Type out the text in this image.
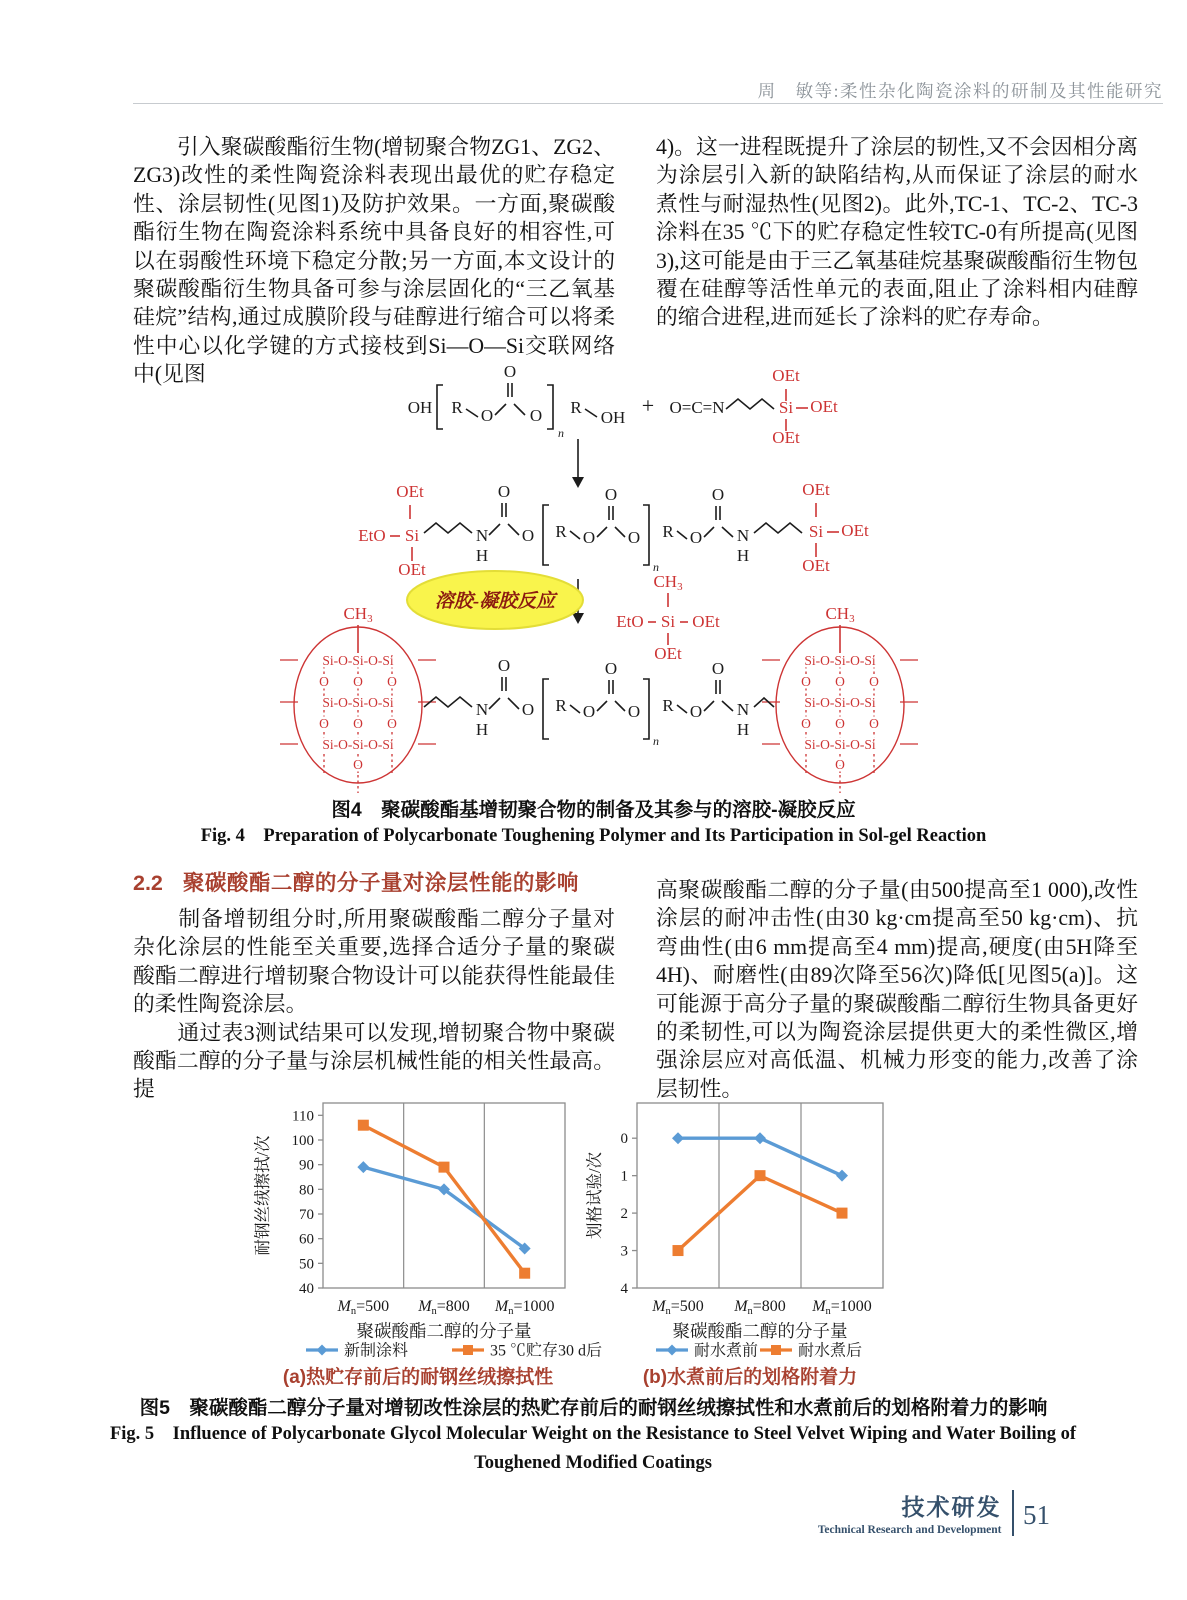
周　敏等:柔性杂化陶瓷涂料的研制及其性能研究
　　引入聚碳酸酯衍生物(增韧聚合物ZG1、ZG2、ZG3)改性的柔性陶瓷涂料表现出最优的贮存稳定性、涂层韧性(见图1)及防护效果。一方面,聚碳酸酯衍生物在陶瓷涂料系统中具备良好的相容性,可以在弱酸性环境下稳定分散;另一方面,本文设计的聚碳酸酯衍生物具备可参与涂层固化的“三乙氧基硅烷”结构,通过成膜阶段与硅醇进行缩合可以将柔性中心以化学键的方式接枝到Si—O—Si交联网络中(见图
4)。这一进程既提升了涂层的韧性,又不会因相分离为涂层引入新的缺陷结构,从而保证了涂层的耐水煮性与耐湿热性(见图2)。此外,TC-1、TC-2、TC-3涂料在35 ℃下的贮存稳定性较TC-0有所提高(见图3),这可能是由于三乙氧基硅烷基聚碳酸酯衍生物包覆在硅醇等活性单元的表面,阻止了涂料相内硅醇的缩合进程,进而延长了涂料的贮存寿命。
OH R O
O
O
n
R
OH + O=C=N	Si
OEt
OEt
OEt
OEt
EtO Si
OEt
N
H
O
O R O
O
O
n
R O
O
N
H
Si
OEt
OEt
OEt
溶胶-凝胶反应
CH3
EtO Si OEt
OEt
CH3
Si-O-Si-O-Si
Si-O-Si-O-Si
Si-O-Si-O-Si
O O O
O O O
O
CH3
Si-O-Si-O-Si
Si-O-Si-O-Si
Si-O-Si-O-Si
O O O
O O O
O
N
H
O
O R O
O
O
n
R O
O
N
H
图4　聚碳酸酯基增韧聚合物的制备及其参与的溶胶-凝胶反应
Fig. 4　Preparation of Polycarbonate Toughening Polymer and Its Participation in Sol-gel Reaction
2.2 聚碳酸酯二醇的分子量对涂层性能的影响
　　制备增韧组分时,所用聚碳酸酯二醇分子量对杂化涂层的性能至关重要,选择合适分子量的聚碳酸酯二醇进行增韧聚合物设计可以能获得性能最佳的柔性陶瓷涂层。
　　通过表3测试结果可以发现,增韧聚合物中聚碳酸酯二醇的分子量与涂层机械性能的相关性最高。提
高聚碳酸酯二醇的分子量(由500提高至1 000),改性涂层的耐冲击性(由30 kg·cm提高至50 kg·cm)、抗弯曲性(由6 mm提高至4 mm)提高,硬度(由5H降至4H)、耐磨性(由89次降至56次)降低[见图5(a)]。这可能源于高分子量的聚碳酸酯二醇衍生物具备更好的柔韧性,可以为陶瓷涂层提供更大的柔性微区,增强涂层应对高低温、机械力形变的能力,改善了涂层韧性。
40
50
60
70
80
90
100
110
Mn=500 Mn=800 Mn=1000
聚碳酸酯二醇的分子量
耐钢丝绒擦拭/次
新制涂料	35 ℃贮存30 d后
0
1
2
3
4
Mn=500 Mn=800 Mn=1000
聚碳酸酯二醇的分子量
划格试验/次
耐水煮前 耐水煮后
(a)热贮存前后的耐钢丝绒擦拭性	(b)水煮前后的划格附着力
图5　聚碳酸酯二醇分子量对增韧改性涂层的热贮存前后的耐钢丝绒擦拭性和水煮前后的划格附着力的影响
Fig. 5　Influence of Polycarbonate Glycol Molecular Weight on the Resistance to Steel Velvet Wiping and Water Boiling of Toughened Modified Coatings
技术研发
Technical Research and Development 51
